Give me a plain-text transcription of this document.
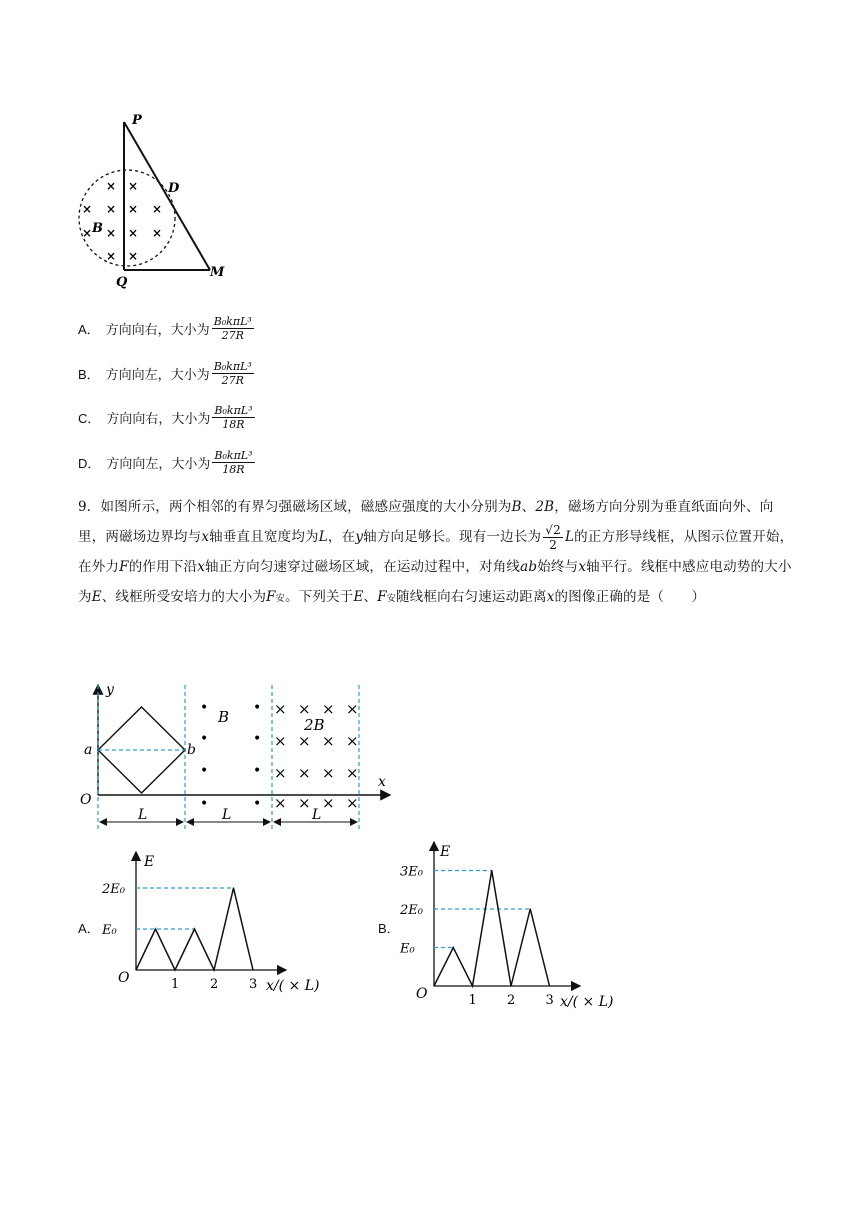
× ×
× × × ×
× × × ×
× ×
P
D
B
Q
M
A． 方向向右，大小为 $\frac{\text{B₀kπL³}}{27R}$
B． 方向向左，大小为 $\frac{\text{B₀kπL³}}{27R}$
C． 方向向右，大小为 $\frac{\text{B₀kπL³}}{18R}$
D． 方向向左，大小为 $\frac{\text{B₀kπL³}}{18R}$
9．如图所示，两个相邻的有界匀强磁场区域，磁感应强度的大小分别为B、2B，磁场方向分别为垂直纸面向外、向里，两磁场边界均与x轴垂直且宽度均为L，在y轴方向足够长。现有一边长为 $\frac{√2}{2}$ L的正方形导线框，从图示位置开始，在外力F的作用下沿x轴正方向匀速穿过磁场区域，在运动过程中，对角线ab始终与x轴平行。线框中感应电动势的大小为E、线框所受安培力的大小为F安。下列关于E、F安随线框向右匀速运动距离x的图像正确的是（　　）
•	•
•	•
•	•
•	•
× × × ×
× × × ×
× × × ×
× × × ×
B	2B
y
x
O
a	b
L	L	L
A．
E
x/( × L)
O
E₀
2E₀
1 2 3
B．
E
x/( × L)
O
E₀
2E₀
3E₀
1 2 3
